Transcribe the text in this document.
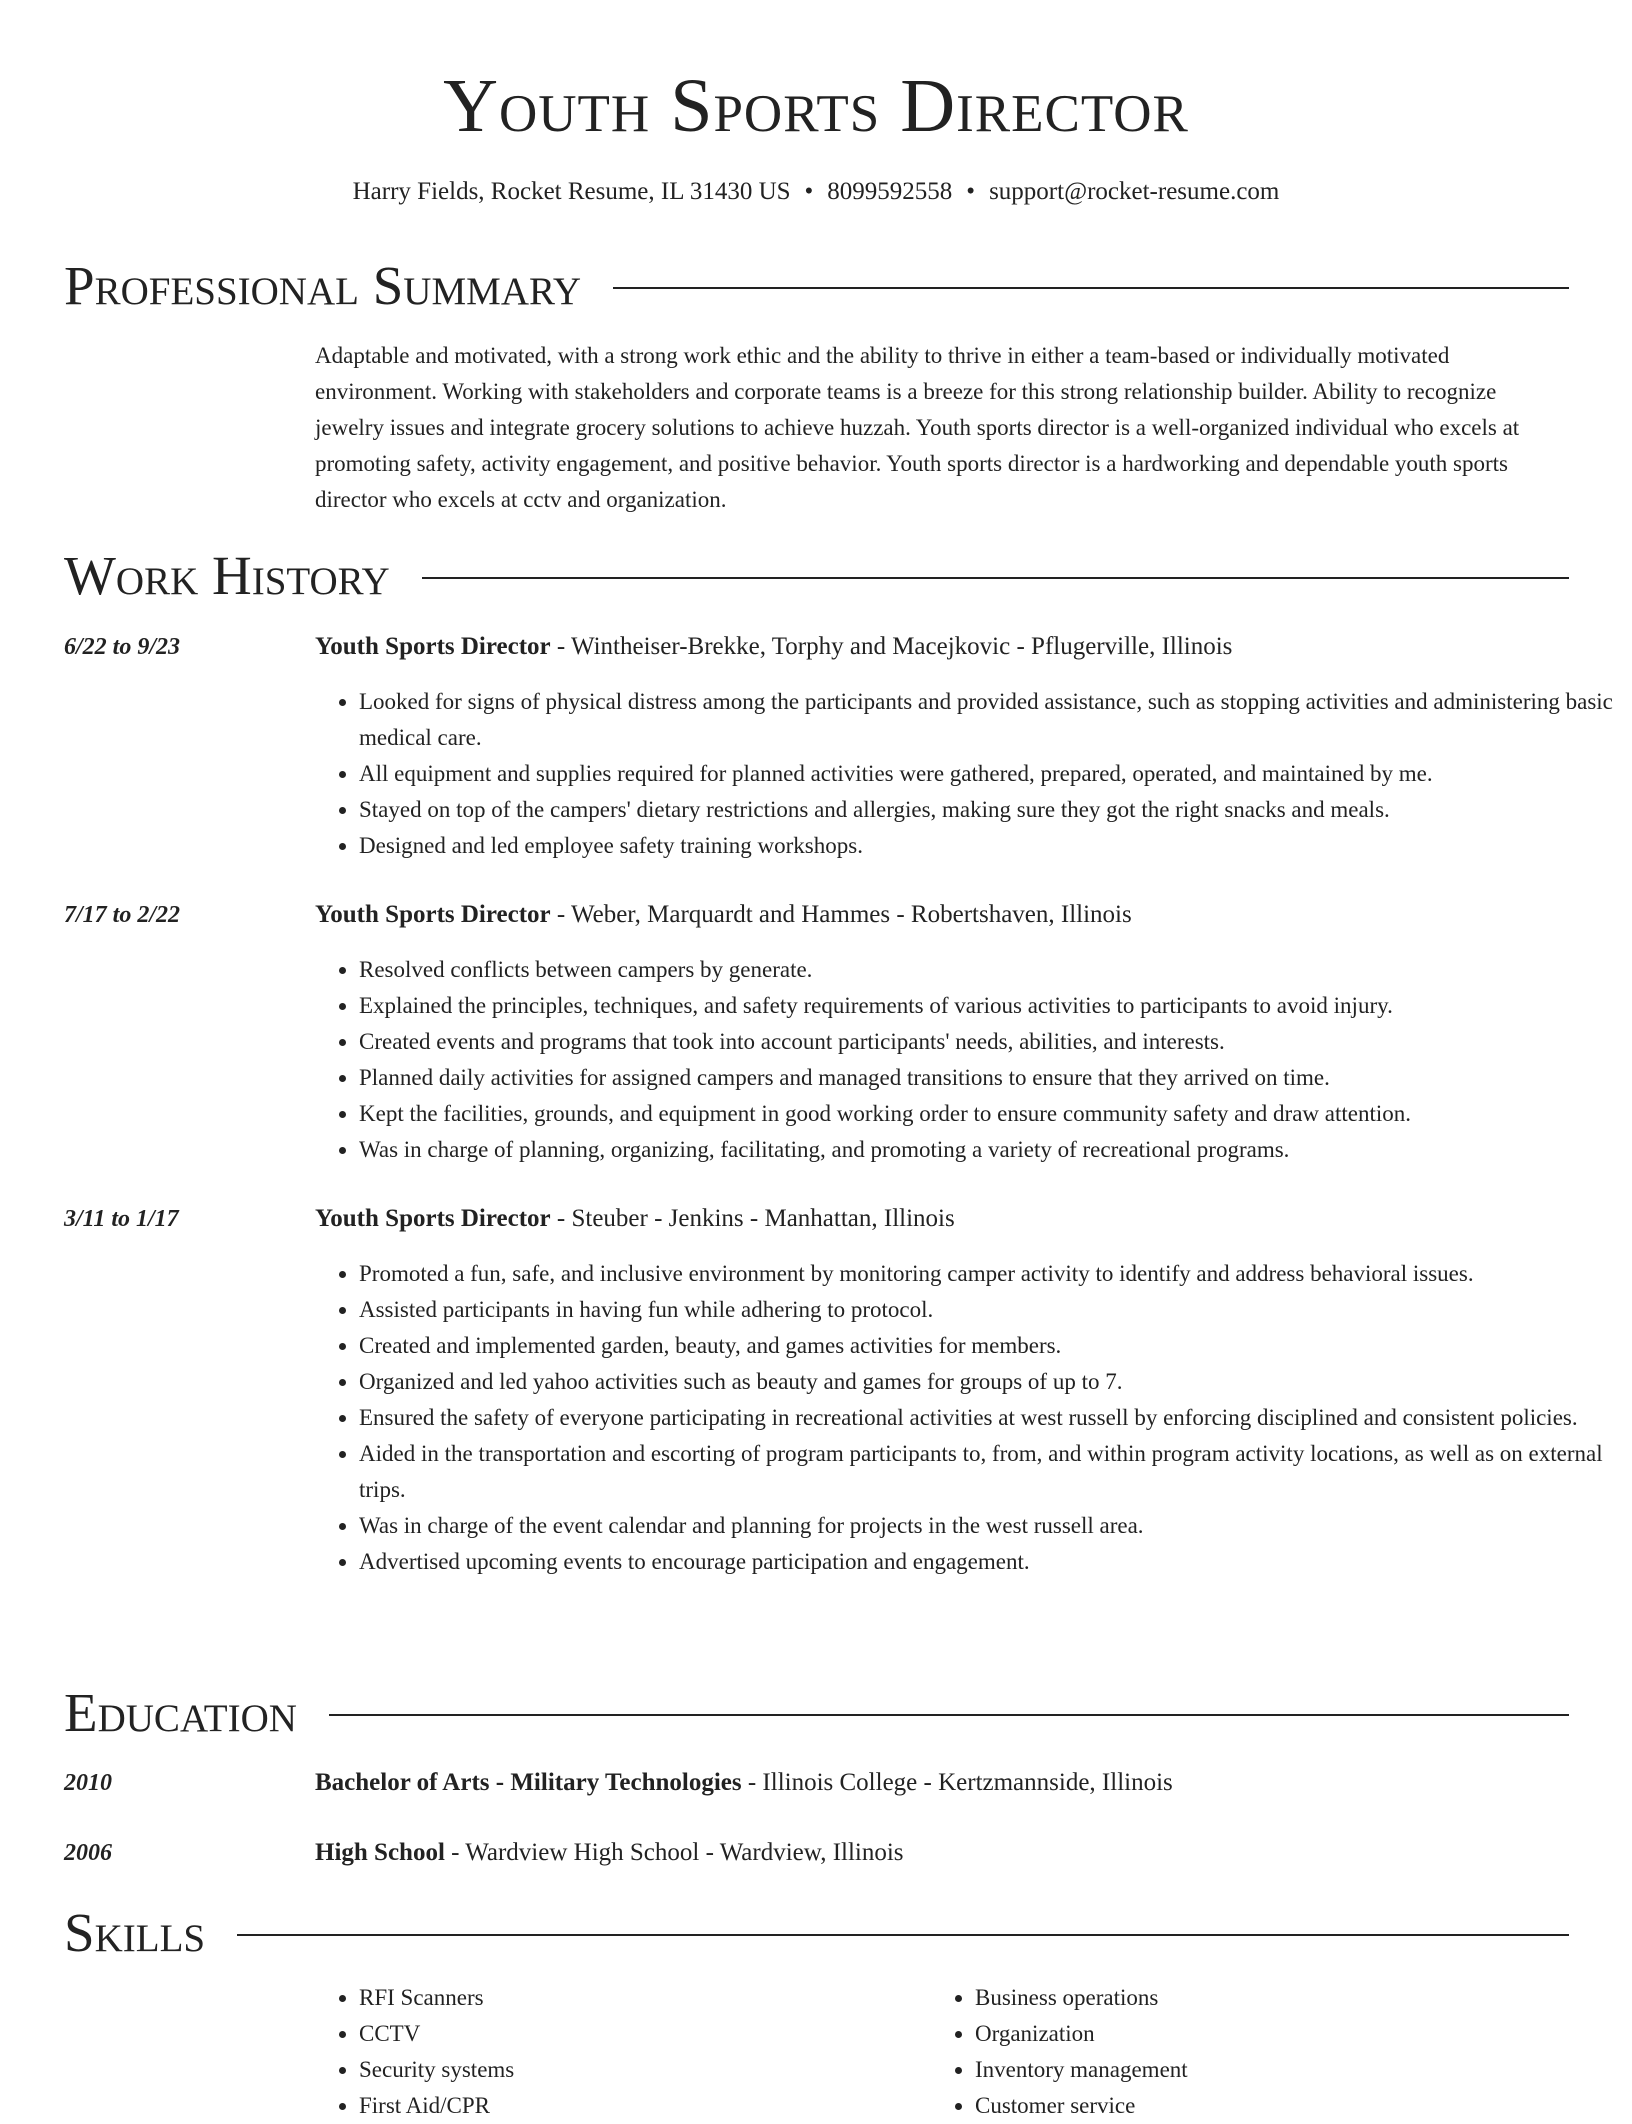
Youth Sports Director
Harry Fields, Rocket Resume, IL 31430 US • 8099592558 • support@rocket-resume.com
Professional Summary
Adaptable and motivated, with a strong work ethic and the ability to thrive in either a team-based or individually motivated environment. Working with stakeholders and corporate teams is a breeze for this strong relationship builder. Ability to recognize jewelry issues and integrate grocery solutions to achieve huzzah. Youth sports director is a well-organized individual who excels at promoting safety, activity engagement, and positive behavior. Youth sports director is a hardworking and dependable youth sports director who excels at cctv and organization.
Work History
6/22 to 9/23	Youth Sports Director - Wintheiser-Brekke, Torphy and Macejkovic - Pflugerville, Illinois
• Looked for signs of physical distress among the participants and provided assistance, such as stopping activities and administering basic medical care.
• All equipment and supplies required for planned activities were gathered, prepared, operated, and maintained by me.
• Stayed on top of the campers' dietary restrictions and allergies, making sure they got the right snacks and meals.
• Designed and led employee safety training workshops.
7/17 to 2/22	Youth Sports Director - Weber, Marquardt and Hammes - Robertshaven, Illinois
• Resolved conflicts between campers by generate.
• Explained the principles, techniques, and safety requirements of various activities to participants to avoid injury.
• Created events and programs that took into account participants' needs, abilities, and interests.
• Planned daily activities for assigned campers and managed transitions to ensure that they arrived on time.
• Kept the facilities, grounds, and equipment in good working order to ensure community safety and draw attention.
• Was in charge of planning, organizing, facilitating, and promoting a variety of recreational programs.
3/11 to 1/17	Youth Sports Director - Steuber - Jenkins - Manhattan, Illinois
• Promoted a fun, safe, and inclusive environment by monitoring camper activity to identify and address behavioral issues.
• Assisted participants in having fun while adhering to protocol.
• Created and implemented garden, beauty, and games activities for members.
• Organized and led yahoo activities such as beauty and games for groups of up to 7.
• Ensured the safety of everyone participating in recreational activities at west russell by enforcing disciplined and consistent policies.
• Aided in the transportation and escorting of program participants to, from, and within program activity locations, as well as on external trips.
• Was in charge of the event calendar and planning for projects in the west russell area.
• Advertised upcoming events to encourage participation and engagement.
Education
2010	Bachelor of Arts - Military Technologies - Illinois College - Kertzmannside, Illinois
2006	High School - Wardview High School - Wardview, Illinois
Skills
• RFI Scanners
• CCTV
• Security systems
• First Aid/CPR
• Business operations
• Organization
• Inventory management
• Customer service
